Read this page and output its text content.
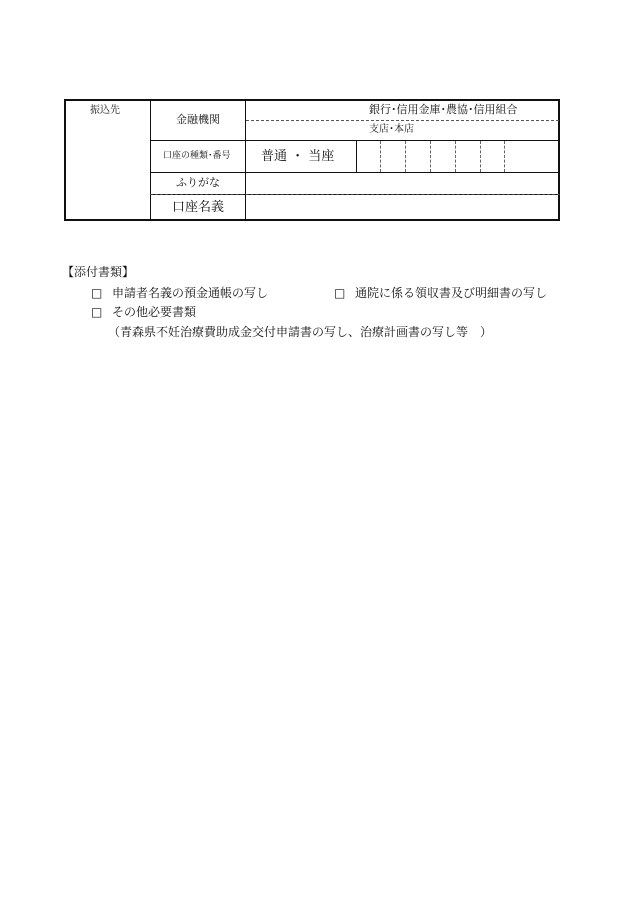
振込先
金融機関
銀行･信用金庫･農協･信用組合
支店･本店
口座の種類･番号 普通 ・ 当座
ふりがな
口座名義
【添付書類】
□ 申請者名義の預金通帳の写し	□ 通院に係る領収書及び明細書の写し
□ その他必要書類
（青森県不妊治療費助成金交付申請書の写し、治療計画書の写し等　）
